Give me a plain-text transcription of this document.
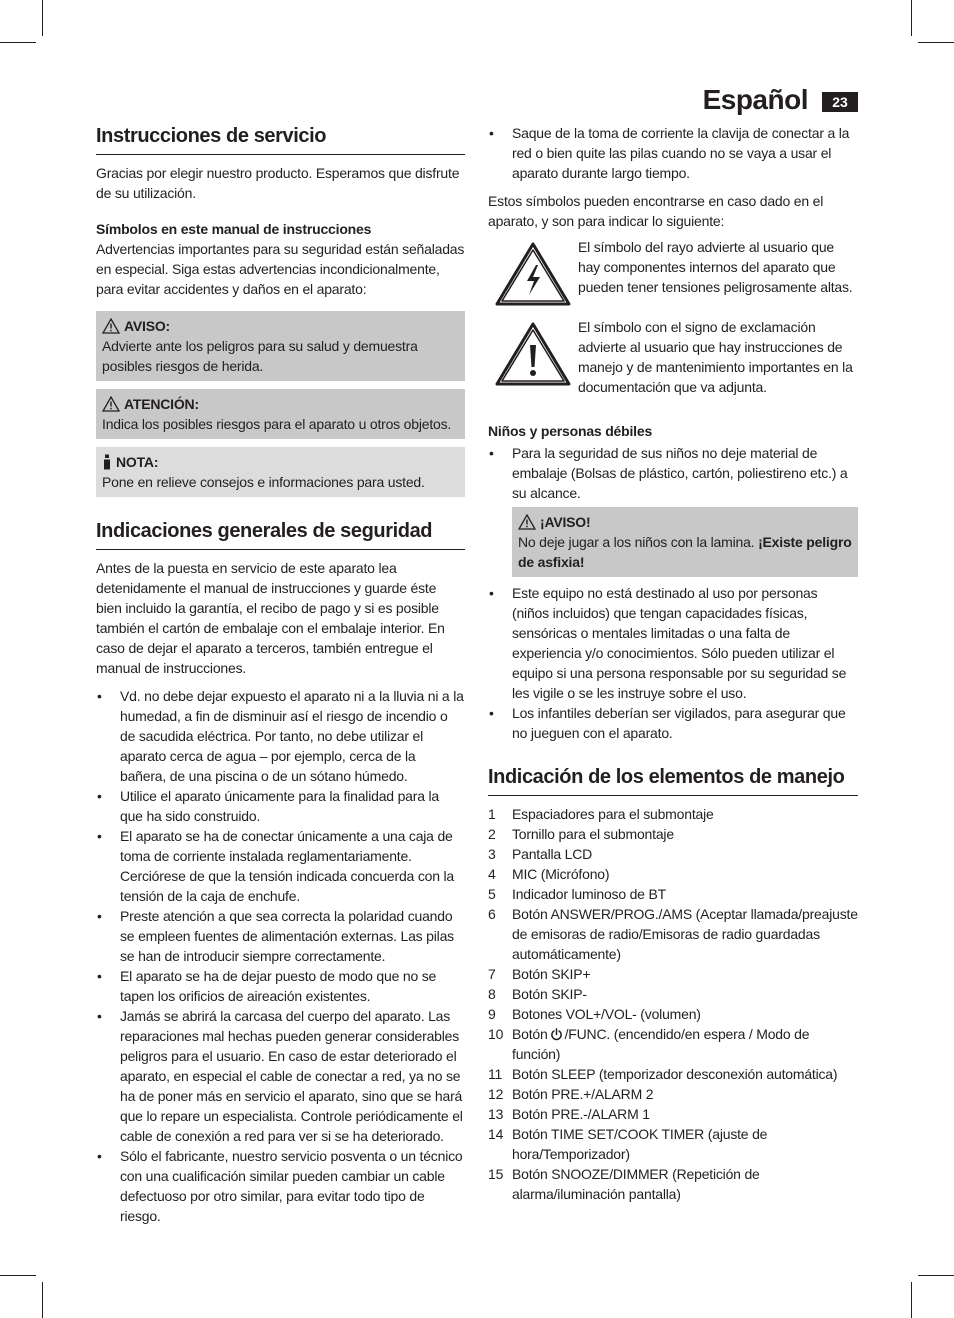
Español	23
Instrucciones de servicio

Gracias por elegir nuestro producto. Esperamos que disfrute de su utilización.

Símbolos en este manual de instrucciones

Advertencias importantes para su seguridad están señaladas en especial. Siga estas advertencias incondicionalmente, para evitar accidentes y daños en el aparato:

AVISO:

Advierte ante los peligros para su salud y demuestra posibles riesgos de herida.

ATENCIÓN:

Indica los posibles riesgos para el aparato u otros objetos.

NOTA:

Pone en relieve consejos e informaciones para usted.

Indicaciones generales de seguridad

Antes de la puesta en servicio de este aparato lea detenidamente el manual de instrucciones y guarde éste bien incluido la garantía, el recibo de pago y si es posible también el cartón de embalaje con el embalaje interior. En caso de dejar el aparato a terceros, también entregue el manual de instrucciones.

• Vd. no debe dejar expuesto el aparato ni a la lluvia ni a la humedad, a fin de disminuir así el riesgo de incendio o de sacudida eléctrica. Por tanto, no debe utilizar el aparato cerca de agua – por ejemplo, cerca de la bañera, de una piscina o de un sótano húmedo.
• Utilice el aparato únicamente para la finalidad para la que ha sido construido.
• El aparato se ha de conectar únicamente a una caja de toma de corriente instalada reglamentariamente. Cerciórese de que la tensión indicada concuerda con la tensión de la caja de enchufe.
• Preste atención a que sea correcta la polaridad cuando se empleen fuentes de alimentación externas. Las pilas se han de introducir siempre correctamente.
• El aparato se ha de dejar puesto de modo que no se tapen los orificios de aireación existentes.
• Jamás se abrirá la carcasa del cuerpo del aparato. Las reparaciones mal hechas pueden generar considerables peligros para el usuario. En caso de estar deteriorado el aparato, en especial el cable de conectar a red, ya no se ha de poner más en servicio el aparato, sino que se hará que lo repare un especialista. Controle periódicamente el cable de conexión a red para ver si se ha deteriorado.
• Sólo el fabricante, nuestro servicio posventa o un técnico con una cualificación similar pueden cambiar un cable defectuoso por otro similar, para evitar todo tipo de riesgo.
• Saque de la toma de corriente la clavija de conectar a la red o bien quite las pilas cuando no se vaya a usar el aparato durante largo tiempo.

Estos símbolos pueden encontrarse en caso dado en el aparato, y son para indicar lo siguiente:

El símbolo del rayo advierte al usuario que hay componentes internos del aparato que pueden tener tensiones peligrosamente altas.

El símbolo con el signo de exclamación advierte al usuario que hay instrucciones de manejo y de mantenimiento importantes en la documentación que va adjunta.

Niños y personas débiles
• Para la seguridad de sus niños no deje material de embalaje (Bolsas de plástico, cartón, poliestireno etc.) a su alcance.
¡AVISO!

No deje jugar a los niños con la lamina. ¡Existe peligro de asfixia!

• Este equipo no está destinado al uso por personas (niños incluidos) que tengan capacidades físicas, sensóricas o mentales limitadas o una falta de experiencia y/o conocimientos. Sólo pueden utilizar el equipo si una persona responsable por su seguridad se les vigile o se les instruye sobre el uso.
• Los infantiles deberían ser vigilados, para asegurar que no jueguen con el aparato.
Indicación de los elementos de manejo
1	Espaciadores para el submontaje
2	Tornillo para el submontaje
3	Pantalla LCD
4	MIC (Micrófono)
5	Indicador luminoso de BT
6	Botón ANSWER/PROG./AMS (Aceptar llamada/preajuste de emisoras de radio/Emisoras de radio guardadas automáticamente)
7	Botón SKIP+
8	Botón SKIP-
9	Botones VOL+/VOL- (volumen)
10 Botón /FUNC. (encendido/en espera / Modo de función)
11 Botón SLEEP (temporizador desconexión automática)
12 Botón PRE.+/ALARM 2
13 Botón PRE.-/ALARM 1
14 Botón TIME SET/COOK TIMER (ajuste de hora/Temporizador)
15 Botón SNOOZE/DIMMER (Repetición de alarma/iluminación pantalla)
